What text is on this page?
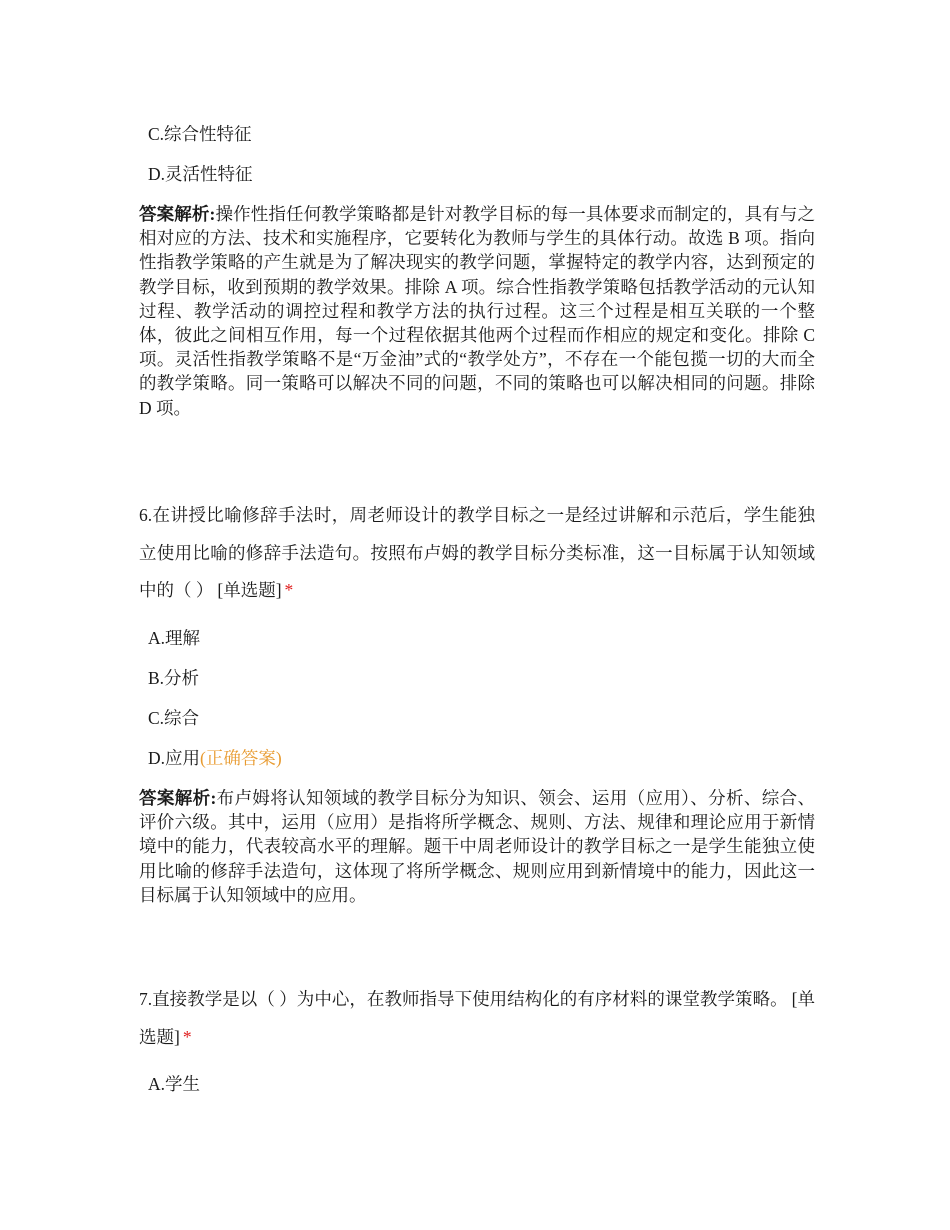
C.综合性特征
D.灵活性特征
答案解析:操作性指任何教学策略都是针对教学目标的每一具体要求而制定的，具有与之相对应的方法、技术和实施程序，它要转化为教师与学生的具体行动。故选 B 项。指向性指教学策略的产生就是为了解决现实的教学问题，掌握特定的教学内容，达到预定的教学目标，收到预期的教学效果。排除 A 项。综合性指教学策略包括教学活动的元认知过程、教学活动的调控过程和教学方法的执行过程。这三个过程是相互关联的一个整体，彼此之间相互作用，每一个过程依据其他两个过程而作相应的规定和变化。排除 C 项。灵活性指教学策略不是“万金油”式的“教学处方”，不存在一个能包揽一切的大而全的教学策略。同一策略可以解决不同的问题，不同的策略也可以解决相同的问题。排除 D 项。
6.在讲授比喻修辞手法时，周老师设计的教学目标之一是经过讲解和示范后，学生能独立使用比喻的修辞手法造句。按照布卢姆的教学目标分类标准，这一目标属于认知领域中的（ ） [单选题] *
A.理解
B.分析
C.综合
D.应用(正确答案)
答案解析:布卢姆将认知领域的教学目标分为知识、领会、运用（应用）、分析、综合、评价六级。其中，运用（应用）是指将所学概念、规则、方法、规律和理论应用于新情境中的能力，代表较高水平的理解。题干中周老师设计的教学目标之一是学生能独立使用比喻的修辞手法造句，这体现了将所学概念、规则应用到新情境中的能力，因此这一目标属于认知领域中的应用。
7.直接教学是以（ ）为中心，在教师指导下使用结构化的有序材料的课堂教学策略。 [单选题] *
A.学生
